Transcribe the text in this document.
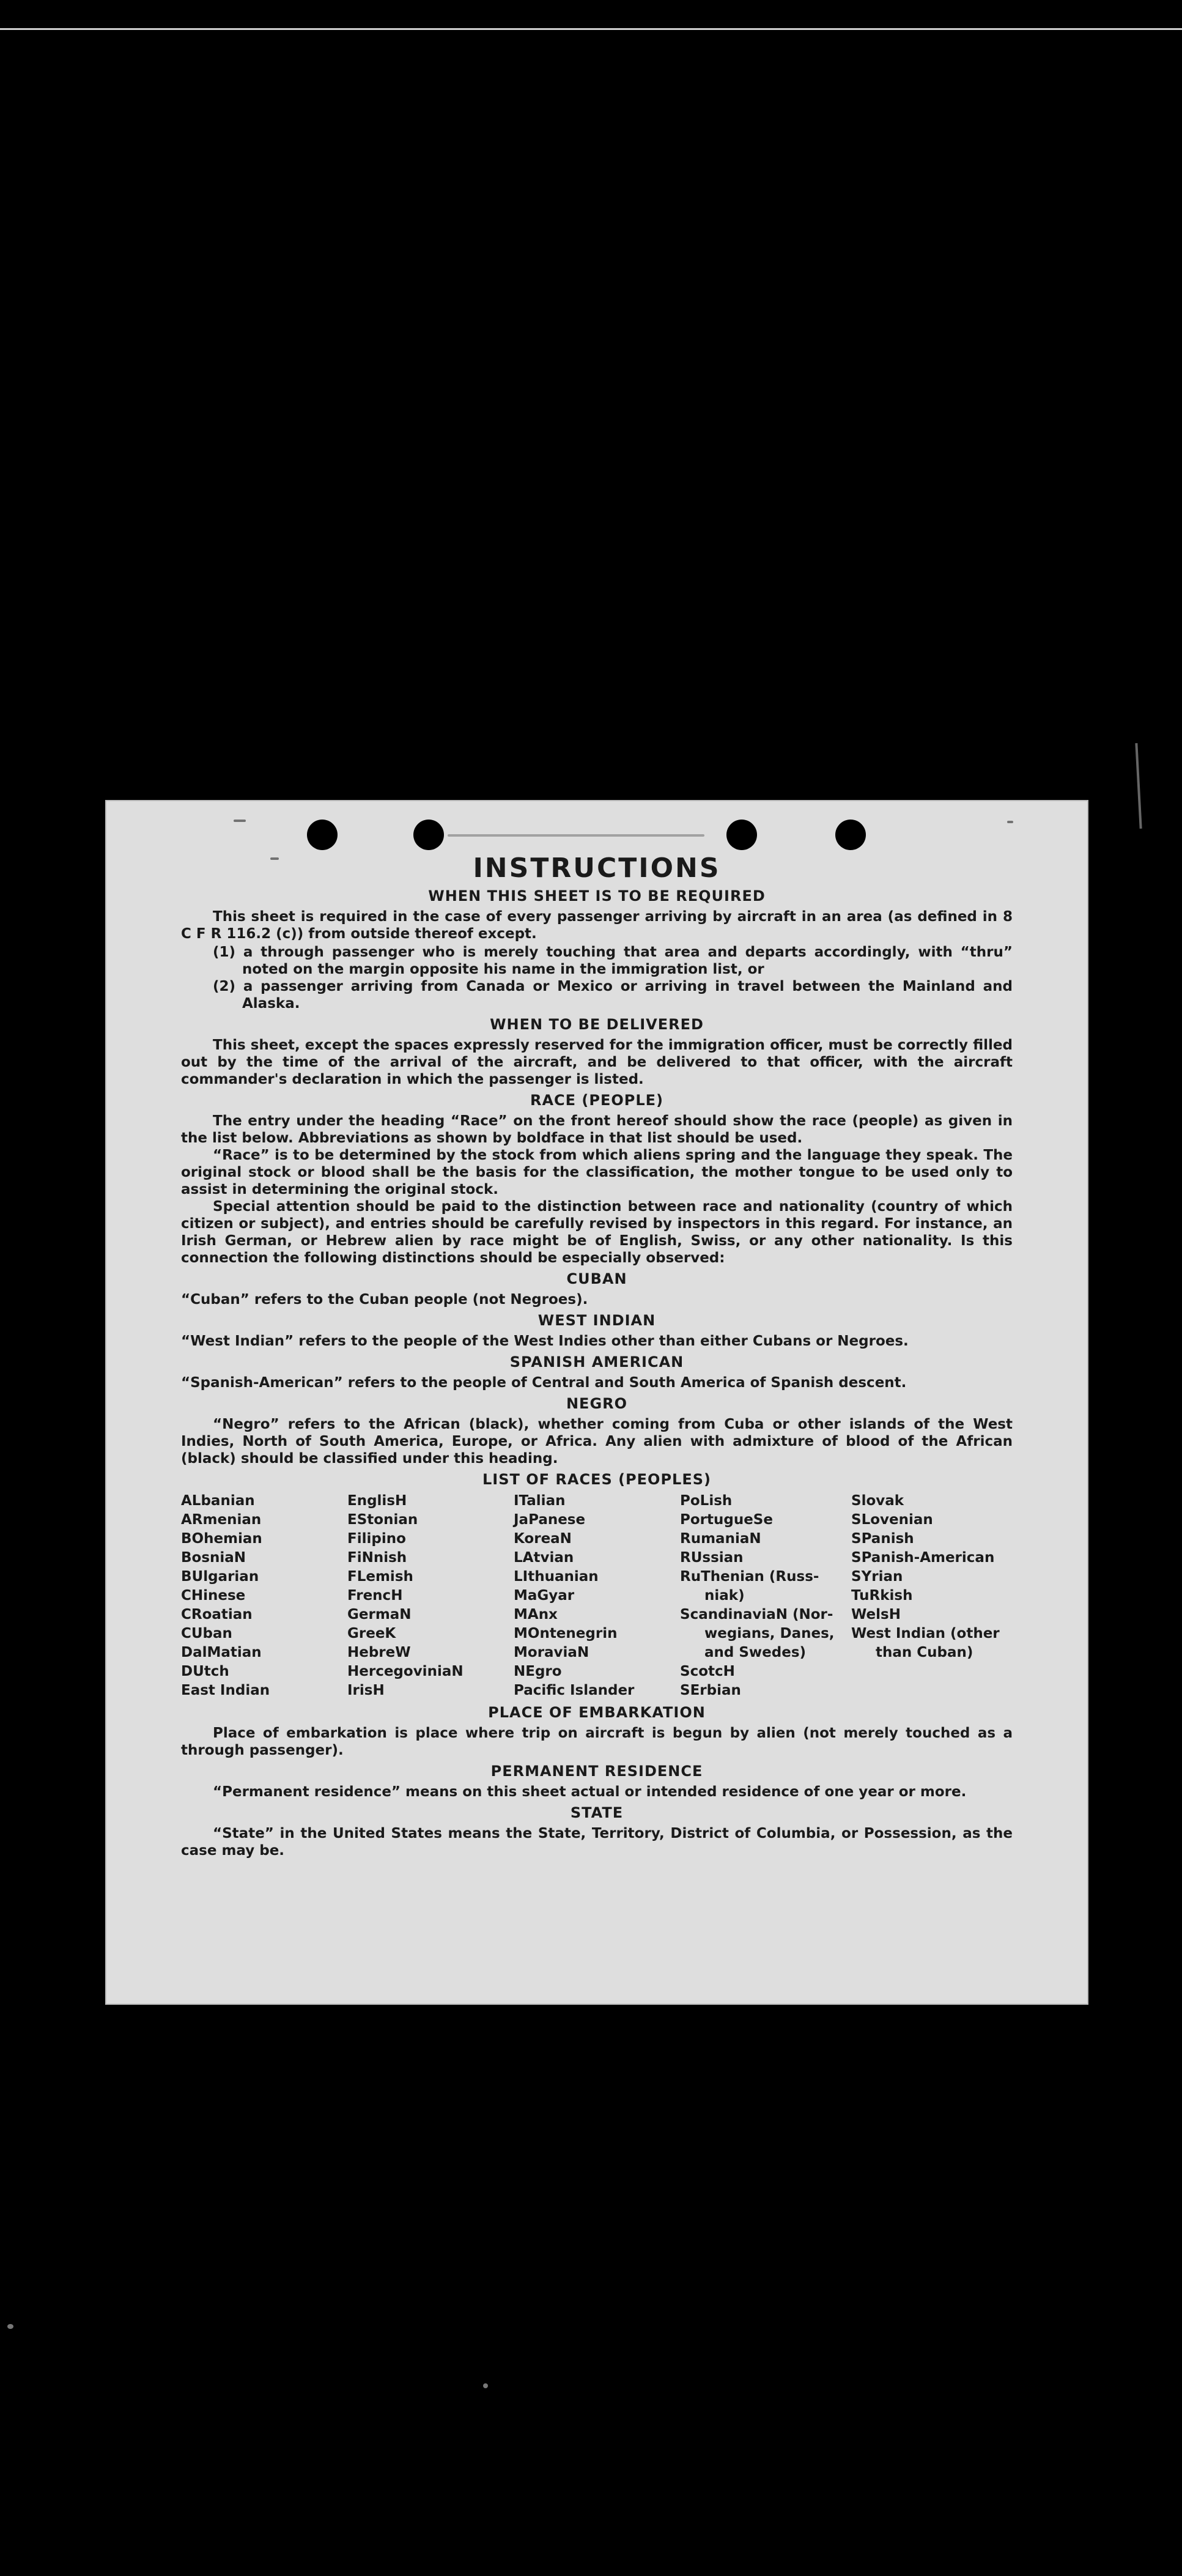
INSTRUCTIONS
WHEN THIS SHEET IS TO BE REQUIRED

This sheet is required in the case of every passenger arriving by aircraft in an area (as defined in 8 C F R 116.2 (c)) from outside thereof except.

(1) a through passenger who is merely touching that area and departs accordingly, with “thru” noted on the margin opposite his name in the immigration list, or
(2) a passenger arriving from Canada or Mexico or arriving in travel between the Mainland and Alaska.
WHEN TO BE DELIVERED

This sheet, except the spaces expressly reserved for the immigration officer, must be correctly filled out by the time of the arrival of the aircraft, and be delivered to that officer, with the aircraft commander's declaration in which the passenger is listed.

RACE (PEOPLE)

The entry under the heading “Race” on the front hereof should show the race (people) as given in the list below. Abbreviations as shown by boldface in that list should be used.

“Race” is to be determined by the stock from which aliens spring and the language they speak. The original stock or blood shall be the basis for the classification, the mother tongue to be used only to assist in determining the original stock.

Special attention should be paid to the distinction between race and nationality (country of which citizen or subject), and entries should be carefully revised by inspectors in this regard. For instance, an Irish German, or Hebrew alien by race might be of English, Swiss, or any other nationality. Is this connection the following distinctions should be especially observed:

CUBAN

“Cuban” refers to the Cuban people (not Negroes).

WEST INDIAN

“West Indian” refers to the people of the West Indies other than either Cubans or Negroes.

SPANISH AMERICAN

“Spanish-American” refers to the people of Central and South America of Spanish descent.

NEGRO

“Negro” refers to the African (black), whether coming from Cuba or other islands of the West Indies, North of South America, Europe, or Africa. Any alien with admixture of blood of the African (black) should be classified under this heading.

LIST OF RACES (PEOPLES)
ALbanian
ARmenian
BOhemian
BosniaN
BUlgarian
CHinese
CRoatian
CUban
DalMatian
DUtch
East Indian
EnglisH
EStonian
Filipino
FiNnish
FLemish
FrencH
GermaN
GreeK
HebreW
HercegoviniaN
IrisH
ITalian
JaPanese
KoreaN
LAtvian
LIthuanian
MaGyar
MAnx
MOntenegrin
MoraviaN
NEgro
Pacific Islander
PoLish
PortugueSe
RumaniaN
RUssian
RuThenian (Russ-
niak)
ScandinaviaN (Nor-
wegians, Danes,
and Swedes)
ScotcH
SErbian
Slovak
SLovenian
SPanish
SPanish-American
SYrian
TuRkish
WelsH
West Indian (other
than Cuban)
PLACE OF EMBARKATION

Place of embarkation is place where trip on aircraft is begun by alien (not merely touched as a through passenger).

PERMANENT RESIDENCE

“Permanent residence” means on this sheet actual or intended residence of one year or more.

STATE

“State” in the United States means the State, Territory, District of Columbia, or Possession, as the case may be.
